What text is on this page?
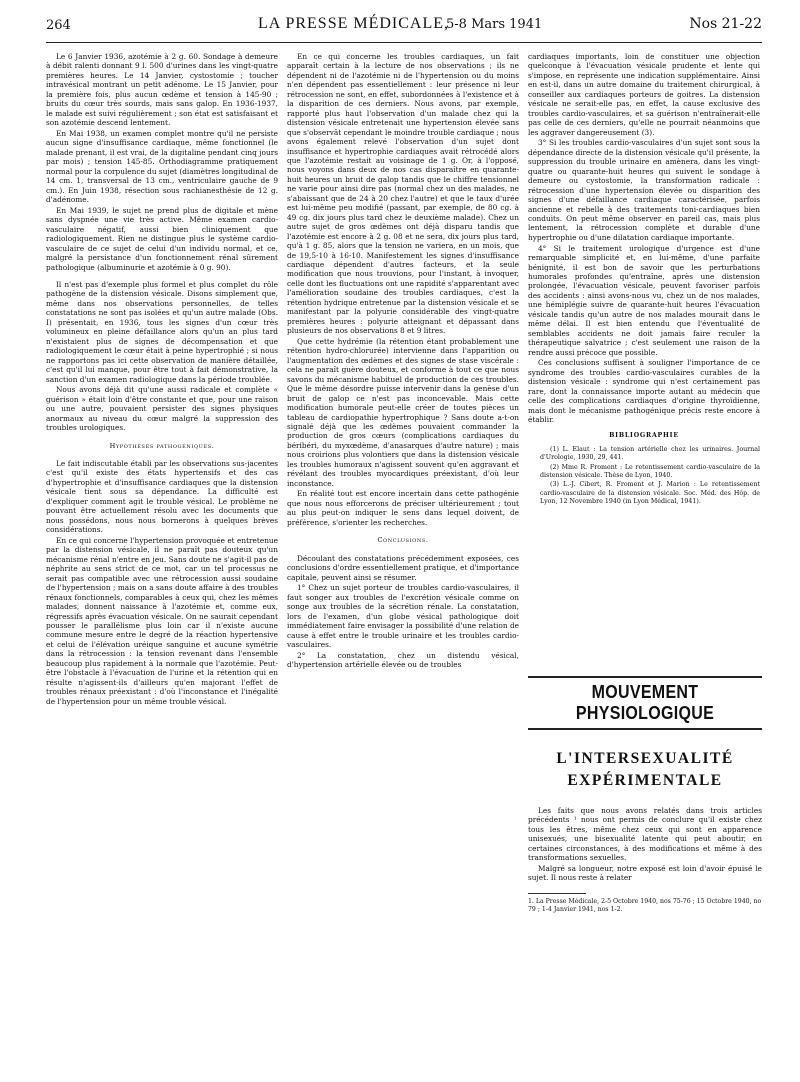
264	LA PRESSE MÉDICALE,
5-8 Mars 1941	Nos 21-22

Le 6 Janvier 1936, azotémie à 2 g. 60. Sondage à demeure à débit ralenti donnant 9 l. 500 d'urines dans les vingt-quatre premières heures. Le 14 Janvier, cystostomie ; toucher intravésical montrant un petit adénome. Le 15 Janvier, pour la première fois, plus aucun œdème et tension à 145-90 ; bruits du cœur très sourds, mais sans galop. En 1936-1937, le malade est suivi régulièrement ; son état est satisfaisant et son azotémie descend lentement.

En Mai 1938, un examen complet montre qu'il ne persiste aucun signe d'insuffisance cardiaque, même fonctionnel (le malade prenant, il est vrai, de la digitaline pendant cinq jours par mois) ; tension 145-85. Orthodiagramme pratiquement normal pour la corpulence du sujet (diamètres longitudinal de 14 cm. 1, transversal de 13 cm., ventriculaire gauche de 9 cm.). En Juin 1938, résection sous rachianesthésie de 12 g. d'adénome.

En Mai 1939, le sujet ne prend plus de digitale et mène sans dyspnée une vie très active. Même examen cardio-vasculaire négatif, aussi bien cliniquement que radiologiquement. Rien ne distingue plus le système cardio-vasculaire de ce sujet de celui d'un individu normal, et ce, malgré la persistance d'un fonctionnement rénal sûrement pathologique (albuminurie et azotémie à 0 g. 90).

Il n'est pas d'exemple plus formel et plus complet du rôle pathogène de la distension vésicale. Disons simplement que, même dans nos observations personnelles, de telles constatations ne sont pas isolées et qu'un autre malade (Obs. I) présentait, en 1936, tous les signes d'un cœur très volumineux en pleine défaillance alors qu'un an plus tard n'existaient plus de signes de décompensation et que radiologiquement le cœur était à peine hypertrophié ; si nous ne rapportons pas ici cette observation de manière détaillée, c'est qu'il lui manque, pour être tout à fait démonstrative, la sanction d'un examen radiologique dans la période troublée.

Nous avons déjà dit qu'une aussi radicale et complète « guérison » était loin d'être constante et que, pour une raison ou une autre, pouvaient persister des signes physiques anormaux au niveau du cœur malgré la suppression des troubles urologiques.

Hypothèses pathogéniques.

Le fait indiscutable établi par les observations sus-jacentes c'est qu'il existe des états hypertensifs et des cas d'hypertrophie et d'insuffisance cardiaques que la distension vésicale tient sous sa dépendance. La difficulté est d'expliquer comment agit le trouble vésical. Le problème ne pouvant être actuellement résolu avec les documents que nous possédons, nous nous bornerons à quelques brèves considérations.

En ce qui concerne l'hypertension provoquée et entretenue par la distension vésicale, il ne paraît pas douteux qu'un mécanisme rénal n'entre en jeu. Sans doute ne s'agit-il pas de néphrite au sens strict de ce mot, car un tel processus ne serait pas compatible avec une rétrocession aussi soudaine de l'hypertension ; mais on a sans doute affaire à des troubles rénaux fonctionnels, comparables à ceux qui, chez les mêmes malades, donnent naissance à l'azotémie et, comme eux, régressifs après évacuation vésicale. On ne saurait cependant pousser le parallélisme plus loin car il n'existe aucune commune mesure entre le degré de la réaction hypertensive et celui de l'élévation uréique sanguine et aucune symétrie dans la rétrocession : la tension revenant dans l'ensemble beaucoup plus rapidement à la normale que l'azotémie. Peut-être l'obstacle à l'évacuation de l'urine et la rétention qui en résulte n'agissent-ils d'ailleurs qu'en majorant l'effet de troubles rénaux préexistant : d'où l'inconstance et l'inégalité de l'hypertension pour un même trouble vésical.

En ce qui concerne les troubles cardiaques, un fait apparaît certain à la lecture de nos observations ; ils ne dépendent ni de l'azotémie ni de l'hypertension ou du moins n'en dépendent pas essentiellement : leur présence ni leur rétrocession ne sont, en effet, subordonnées à l'existence et à la disparition de ces derniers. Nous avons, par exemple, rapporté plus haut l'observation d'un malade chez qui la distension vésicale entretenait une hypertension élevée sans que s'observât cependant le moindre trouble cardiaque ; nous avons également relevé l'observation d'un sujet dont insuffisance et hypertrophie cardiaques avait rétrocédé alors que l'azotémie restait au voisinage de 1 g. Or, à l'opposé, nous voyons dans deux de nos cas disparaître en quarante-huit heures un bruit de galop tandis que le chiffre tensionnel ne varie pour ainsi dire pas (normal chez un des malades, ne s'abaissant que de 24 à 20 chez l'autre) et que le taux d'urée est lui-même peu modifié (passant, par exemple, de 80 cg. à 49 cg. dix jours plus tard chez le deuxième malade). Chez un autre sujet de gros œdèmes ont déjà disparu tandis que l'azotémie est encore à 2 g. 08 et ne sera, dix jours plus tard, qu'à 1 g. 85, alors que la tension ne variera, en un mois, que de 19,5-10 à 16-10. Manifestement les signes d'insuffisance cardiaque dépendent d'autres facteurs, et la seule modification que nous trouvions, pour l'instant, à invoquer, celle dont les fluctuations ont une rapidité s'apparentant avec l'amélioration soudaine des troubles cardiaques, c'est la rétention hydrique entretenue par la distension vésicale et se manifestant par la polyurie considérable des vingt-quatre premières heures : polyurie atteignant et dépassant dans plusieurs de nos observations 8 et 9 litres.

Que cette hydrémie (la rétention étant probablement une rétention hydro-chlorurée) intervienne dans l'apparition ou l'augmentation des œdèmes et des signes de stase viscérale : cela ne paraît guère douteux, et conforme à tout ce que nous savons du mécanisme habituel de production de ces troubles. Que le même désordre puisse intervenir dans la genèse d'un bruit de galop ce n'est pas inconcevable. Mais cette modification humorale peut-elle créer de toutes pièces un tableau de cardiopathie hypertrophique ? Sans doute a-t-on signalé déjà que les œdèmes pouvaient commander la production de gros cœurs (complications cardiaques du béribéri, du myxœdème, d'anasarques d'autre nature) ; mais nous croirions plus volontiers que dans la distension vésicale les troubles humoraux n'agissent souvent qu'en aggravant et révélant des troubles myocardiques préexistant, d'où leur inconstance.

En réalité tout est encore incertain dans cette pathogénie que nous nous efforcerons de préciser ultérieurement ; tout au plus peut-on indiquer le sens dans lequel doivent, de préférence, s'orienter les recherches.

Conclusions.

Découlant des constatations précédemment exposées, ces conclusions d'ordre essentiellement pratique, et d'importance capitale, peuvent ainsi se résumer.

1° Chez un sujet porteur de troubles cardio-vasculaires, il faut songer aux troubles de l'excrétion vésicale comme on songe aux troubles de la sécrétion rénale. La constatation, lors de l'examen, d'un globe vésical pathologique doit immédiatement faire envisager la possibilité d'une relation de cause à effet entre le trouble urinaire et les troubles cardio-vasculaires.

2° La constatation, chez un distendu vésical, d'hypertension artérielle élevée ou de troubles

cardiaques importants, loin de constituer une objection quelconque à l'évacuation vésicale prudente et lente qui s'impose, en représente une indication supplémentaire. Ainsi en est-il, dans un autre domaine du traitement chirurgical, à conseiller aux cardiaques porteurs de goitres. La distension vésicale ne serait-elle pas, en effet, la cause exclusive des troubles cardio-vasculaires, et sa guérison n'entraînerait-elle pas celle de ces derniers, qu'elle ne pourrait néanmoins que les aggraver dangereusement (3).

3° Si les troubles cardio-vasculaires d'un sujet sont sous la dépendance directe de la distension vésicale qu'il présente, la suppression du trouble urinaire en amènera, dans les vingt-quatre ou quarante-huit heures qui suivent le sondage à demeure ou cystostomie, la transformation radicale : rétrocession d'une hypertension élevée ou disparition des signes d'une défaillance cardiaque caractérisée, parfois ancienne et rebelle à des traitements toni-cardiaques bien conduits. On peut même observer en pareil cas, mais plus lentement, la rétrocession complète et durable d'une hypertrophie ou d'une dilatation cardiaque importante.

4° Si le traitement urologique d'urgence est d'une remarquable simplicité et, en lui-même, d'une parfaite bénignité, il est bon de savoir que les perturbations humorales profondes qu'entraîne, après une distension prolongée, l'évacuation vésicale, peuvent favoriser parfois des accidents : ainsi avons-nous vu, chez un de nos malades, une hémiplégie suivre de quarante-huit heures l'évacuation vésicale tandis qu'un autre de nos malades mourait dans le même délai. Il est bien entendu que l'éventualité de semblables accidents ne doit jamais faire reculer la thérapeutique salvatrice ; c'est seulement une raison de la rendre aussi précoce que possible.

Ces conclusions suffisent à souligner l'importance de ce syndrome des troubles cardio-vasculaires curables de la distension vésicale : syndrome qui n'est certainement pas rare, dont la connaissance importe autant au médecin que celle des complications cardiaques d'origine thyroïdienne, mais dont le mécanisme pathogénique précis reste encore à établir.

BIBLIOGRAPHIE

(1) L. Elaut : La tension artérielle chez les urinaires. Journal d'Urologie, 1930, 29, 441.

(2) Mme R. Froment : Le retentissement cardio-vasculaire de la distension vésicale. Thèse de Lyon, 1940.

(3) L.-J. Cibert, R. Froment et J. Marion : Le retentissement cardio-vasculaire de la distension vésicale. Soc. Méd. des Hôp. de Lyon, 12 Novembre 1940 (in Lyon Médical, 1941).

MOUVEMENT PHYSIOLOGIQUE
L'INTERSEXUALITÉ
EXPÉRIMENTALE

Les faits que nous avons relatés dans trois articles précédents ¹ nous ont permis de conclure qu'il existe chez tous les êtres, même chez ceux qui sont en apparence unisexués, une bisexualité latente qui peut aboutir, en certaines circonstances, à des modifications et même à des transformations sexuelles.

Malgré sa longueur, notre exposé est loin d'avoir épuisé le sujet. Il nous reste à relater

1. La Presse Médicale, 2-5 Octobre 1940, nos 75-76 ; 15 Octobre 1940, no 79 ; 1-4 Janvier 1941, nos 1-2.
